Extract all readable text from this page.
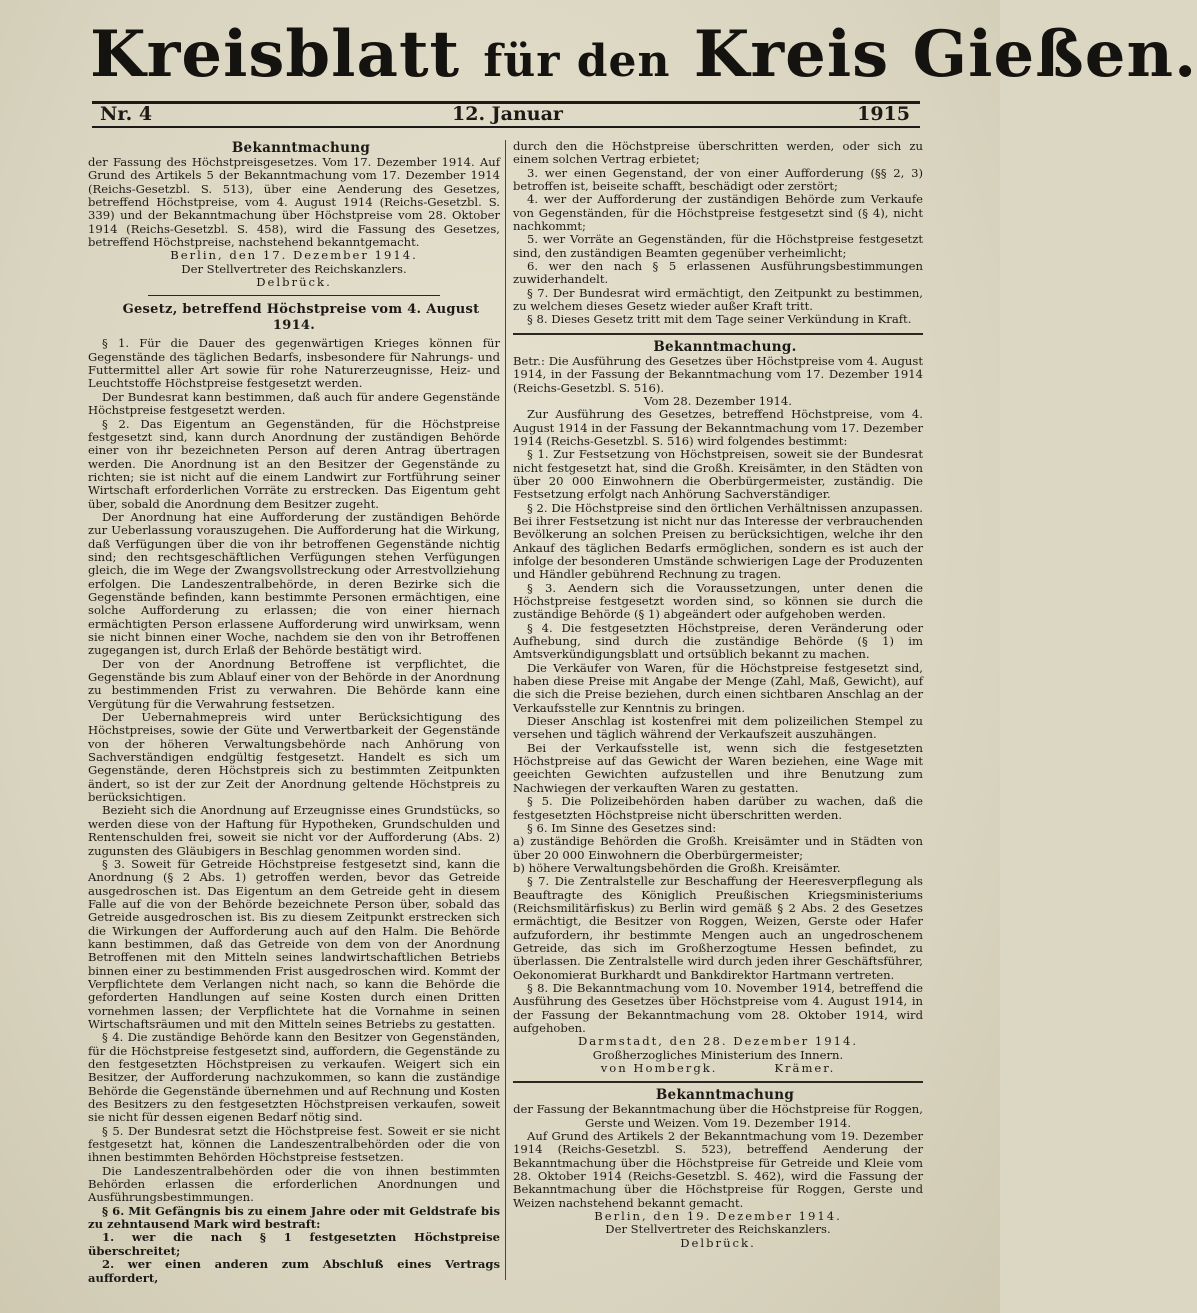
Kreisblatt für den Kreis Gießen.
Nr. 4	12. Januar	1915

Bekanntmachung

der Fassung des Höchstpreisgesetzes. Vom 17. Dezember 1914. Auf Grund des Artikels 5 der Bekanntmachung vom 17. Dezember 1914 (Reichs-Gesetzbl. S. 513), über eine Aenderung des Gesetzes, betreffend Höchstpreise, vom 4. August 1914 (Reichs-Gesetzbl. S. 339) und der Bekanntmachung über Höchstpreise vom 28. Oktober 1914 (Reichs-Gesetzbl. S. 458), wird die Fassung des Gesetzes, betreffend Höchstpreise, nachstehend bekanntgemacht.

Berlin, den 17. Dezember 1914.

Der Stellvertreter des Reichskanzlers.

Delbrück.

Gesetz, betreffend Höchstpreise vom 4. August 1914.

§ 1. Für die Dauer des gegenwärtigen Krieges können für Gegenstände des täglichen Bedarfs, insbesondere für Nahrungs- und Futtermittel aller Art sowie für rohe Naturerzeugnisse, Heiz- und Leuchtstoffe Höchstpreise festgesetzt werden.

Der Bundesrat kann bestimmen, daß auch für andere Gegenstände Höchstpreise festgesetzt werden.

§ 2. Das Eigentum an Gegenständen, für die Höchstpreise festgesetzt sind, kann durch Anordnung der zuständigen Behörde einer von ihr bezeichneten Person auf deren Antrag übertragen werden. Die Anordnung ist an den Besitzer der Gegenstände zu richten; sie ist nicht auf die einem Landwirt zur Fortführung seiner Wirtschaft erforderlichen Vorräte zu erstrecken. Das Eigentum geht über, sobald die Anordnung dem Besitzer zugeht.

Der Anordnung hat eine Aufforderung der zuständigen Behörde zur Ueberlassung vorauszugehen. Die Aufforderung hat die Wirkung, daß Verfügungen über die von ihr betroffenen Gegenstände nichtig sind; den rechtsgeschäftlichen Verfügungen stehen Verfügungen gleich, die im Wege der Zwangsvollstreckung oder Arrestvollziehung erfolgen. Die Landeszentralbehörde, in deren Bezirke sich die Gegenstände befinden, kann bestimmte Personen ermächtigen, eine solche Aufforderung zu erlassen; die von einer hiernach ermächtigten Person erlassene Aufforderung wird unwirksam, wenn sie nicht binnen einer Woche, nachdem sie den von ihr Betroffenen zugegangen ist, durch Erlaß der Behörde bestätigt wird.

Der von der Anordnung Betroffene ist verpflichtet, die Gegenstände bis zum Ablauf einer von der Behörde in der Anordnung zu bestimmenden Frist zu verwahren. Die Behörde kann eine Vergütung für die Verwahrung festsetzen.

Der Uebernahmepreis wird unter Berücksichtigung des Höchstpreises, sowie der Güte und Verwertbarkeit der Gegenstände von der höheren Verwaltungsbehörde nach Anhörung von Sachverständigen endgültig festgesetzt. Handelt es sich um Gegenstände, deren Höchstpreis sich zu bestimmten Zeitpunkten ändert, so ist der zur Zeit der Anordnung geltende Höchstpreis zu berücksichtigen.

Bezieht sich die Anordnung auf Erzeugnisse eines Grundstücks, so werden diese von der Haftung für Hypotheken, Grundschulden und Rentenschulden frei, soweit sie nicht vor der Aufforderung (Abs. 2) zugunsten des Gläubigers in Beschlag genommen worden sind.

§ 3. Soweit für Getreide Höchstpreise festgesetzt sind, kann die Anordnung (§ 2 Abs. 1) getroffen werden, bevor das Getreide ausgedroschen ist. Das Eigentum an dem Getreide geht in diesem Falle auf die von der Behörde bezeichnete Person über, sobald das Getreide ausgedroschen ist. Bis zu diesem Zeitpunkt erstrecken sich die Wirkungen der Aufforderung auch auf den Halm. Die Behörde kann bestimmen, daß das Getreide von dem von der Anordnung Betroffenen mit den Mitteln seines landwirtschaftlichen Betriebs binnen einer zu bestimmenden Frist ausgedroschen wird. Kommt der Verpflichtete dem Verlangen nicht nach, so kann die Behörde die geforderten Handlungen auf seine Kosten durch einen Dritten vornehmen lassen; der Verpflichtete hat die Vornahme in seinen Wirtschaftsräumen und mit den Mitteln seines Betriebs zu gestatten.

§ 4. Die zuständige Behörde kann den Besitzer von Gegenständen, für die Höchstpreise festgesetzt sind, auffordern, die Gegenstände zu den festgesetzten Höchstpreisen zu verkaufen. Weigert sich ein Besitzer, der Aufforderung nachzukommen, so kann die zuständige Behörde die Gegenstände übernehmen und auf Rechnung und Kosten des Besitzers zu den festgesetzten Höchstpreisen verkaufen, soweit sie nicht für dessen eigenen Bedarf nötig sind.

§ 5. Der Bundesrat setzt die Höchstpreise fest. Soweit er sie nicht festgesetzt hat, können die Landeszentralbehörden oder die von ihnen bestimmten Behörden Höchstpreise festsetzen.

Die Landeszentralbehörden oder die von ihnen bestimmten Behörden erlassen die erforderlichen Anordnungen und Ausführungsbestimmungen.

§ 6. Mit Gefängnis bis zu einem Jahre oder mit Geldstrafe bis zu zehntausend Mark wird bestraft:

1. wer die nach § 1 festgesetzten Höchstpreise überschreitet;

2. wer einen anderen zum Abschluß eines Vertrags auffordert,

durch den die Höchstpreise überschritten werden, oder sich zu einem solchen Vertrag erbietet;

3. wer einen Gegenstand, der von einer Aufforderung (§§ 2, 3) betroffen ist, beiseite schafft, beschädigt oder zerstört;

4. wer der Aufforderung der zuständigen Behörde zum Verkaufe von Gegenständen, für die Höchstpreise festgesetzt sind (§ 4), nicht nachkommt;

5. wer Vorräte an Gegenständen, für die Höchstpreise festgesetzt sind, den zuständigen Beamten gegenüber verheimlicht;

6. wer den nach § 5 erlassenen Ausführungsbestimmungen zuwiderhandelt.

§ 7. Der Bundesrat wird ermächtigt, den Zeitpunkt zu bestimmen, zu welchem dieses Gesetz wieder außer Kraft tritt.

§ 8. Dieses Gesetz tritt mit dem Tage seiner Verkündung in Kraft.

Bekanntmachung.

Betr.: Die Ausführung des Gesetzes über Höchstpreise vom 4. August 1914, in der Fassung der Bekanntmachung vom 17. Dezember 1914 (Reichs-Gesetzbl. S. 516).

Vom 28. Dezember 1914.

Zur Ausführung des Gesetzes, betreffend Höchstpreise, vom 4. August 1914 in der Fassung der Bekanntmachung vom 17. Dezember 1914 (Reichs-Gesetzbl. S. 516) wird folgendes bestimmt:

§ 1. Zur Festsetzung von Höchstpreisen, soweit sie der Bundesrat nicht festgesetzt hat, sind die Großh. Kreisämter, in den Städten von über 20 000 Einwohnern die Oberbürgermeister, zuständig. Die Festsetzung erfolgt nach Anhörung Sachverständiger.

§ 2. Die Höchstpreise sind den örtlichen Verhältnissen anzupassen. Bei ihrer Festsetzung ist nicht nur das Interesse der verbrauchenden Bevölkerung an solchen Preisen zu berücksichtigen, welche ihr den Ankauf des täglichen Bedarfs ermöglichen, sondern es ist auch der infolge der besonderen Umstände schwierigen Lage der Produzenten und Händler gebührend Rechnung zu tragen.

§ 3. Aendern sich die Voraussetzungen, unter denen die Höchstpreise festgesetzt worden sind, so können sie durch die zuständige Behörde (§ 1) abgeändert oder aufgehoben werden.

§ 4. Die festgesetzten Höchstpreise, deren Veränderung oder Aufhebung, sind durch die zuständige Behörde (§ 1) im Amtsverkündigungsblatt und ortsüblich bekannt zu machen.

Die Verkäufer von Waren, für die Höchstpreise festgesetzt sind, haben diese Preise mit Angabe der Menge (Zahl, Maß, Gewicht), auf die sich die Preise beziehen, durch einen sichtbaren Anschlag an der Verkaufsstelle zur Kenntnis zu bringen.

Dieser Anschlag ist kostenfrei mit dem polizeilichen Stempel zu versehen und täglich während der Verkaufszeit auszuhängen.

Bei der Verkaufsstelle ist, wenn sich die festgesetzten Höchstpreise auf das Gewicht der Waren beziehen, eine Wage mit geeichten Gewichten aufzustellen und ihre Benutzung zum Nachwiegen der verkauften Waren zu gestatten.

§ 5. Die Polizeibehörden haben darüber zu wachen, daß die festgesetzten Höchstpreise nicht überschritten werden.

§ 6. Im Sinne des Gesetzes sind:

a) zuständige Behörden die Großh. Kreisämter und in Städten von über 20 000 Einwohnern die Oberbürgermeister;

b) höhere Verwaltungsbehörden die Großh. Kreisämter.

§ 7. Die Zentralstelle zur Beschaffung der Heeresverpflegung als Beauftragte des Königlich Preußischen Kriegsministeriums (Reichsmilitärfiskus) zu Berlin wird gemäß § 2 Abs. 2 des Gesetzes ermächtigt, die Besitzer von Roggen, Weizen, Gerste oder Hafer aufzufordern, ihr bestimmte Mengen auch an ungedroschenem Getreide, das sich im Großherzogtume Hessen befindet, zu überlassen. Die Zentralstelle wird durch jeden ihrer Geschäftsführer, Oekonomierat Burkhardt und Bankdirektor Hartmann vertreten.

§ 8. Die Bekanntmachung vom 10. November 1914, betreffend die Ausführung des Gesetzes über Höchstpreise vom 4. August 1914, in der Fassung der Bekanntmachung vom 28. Oktober 1914, wird aufgehoben.

Darmstadt, den 28. Dezember 1914.

Großherzogliches Ministerium des Innern.

von Hombergk.	Krämer.

Bekanntmachung

der Fassung der Bekanntmachung über die Höchstpreise für Roggen, Gerste und Weizen. Vom 19. Dezember 1914.

Auf Grund des Artikels 2 der Bekanntmachung vom 19. Dezember 1914 (Reichs-Gesetzbl. S. 523), betreffend Aenderung der Bekanntmachung über die Höchstpreise für Getreide und Kleie vom 28. Oktober 1914 (Reichs-Gesetzbl. S. 462), wird die Fassung der Bekanntmachung über die Höchstpreise für Roggen, Gerste und Weizen nachstehend bekannt gemacht.

Berlin, den 19. Dezember 1914.

Der Stellvertreter des Reichskanzlers.

Delbrück.
